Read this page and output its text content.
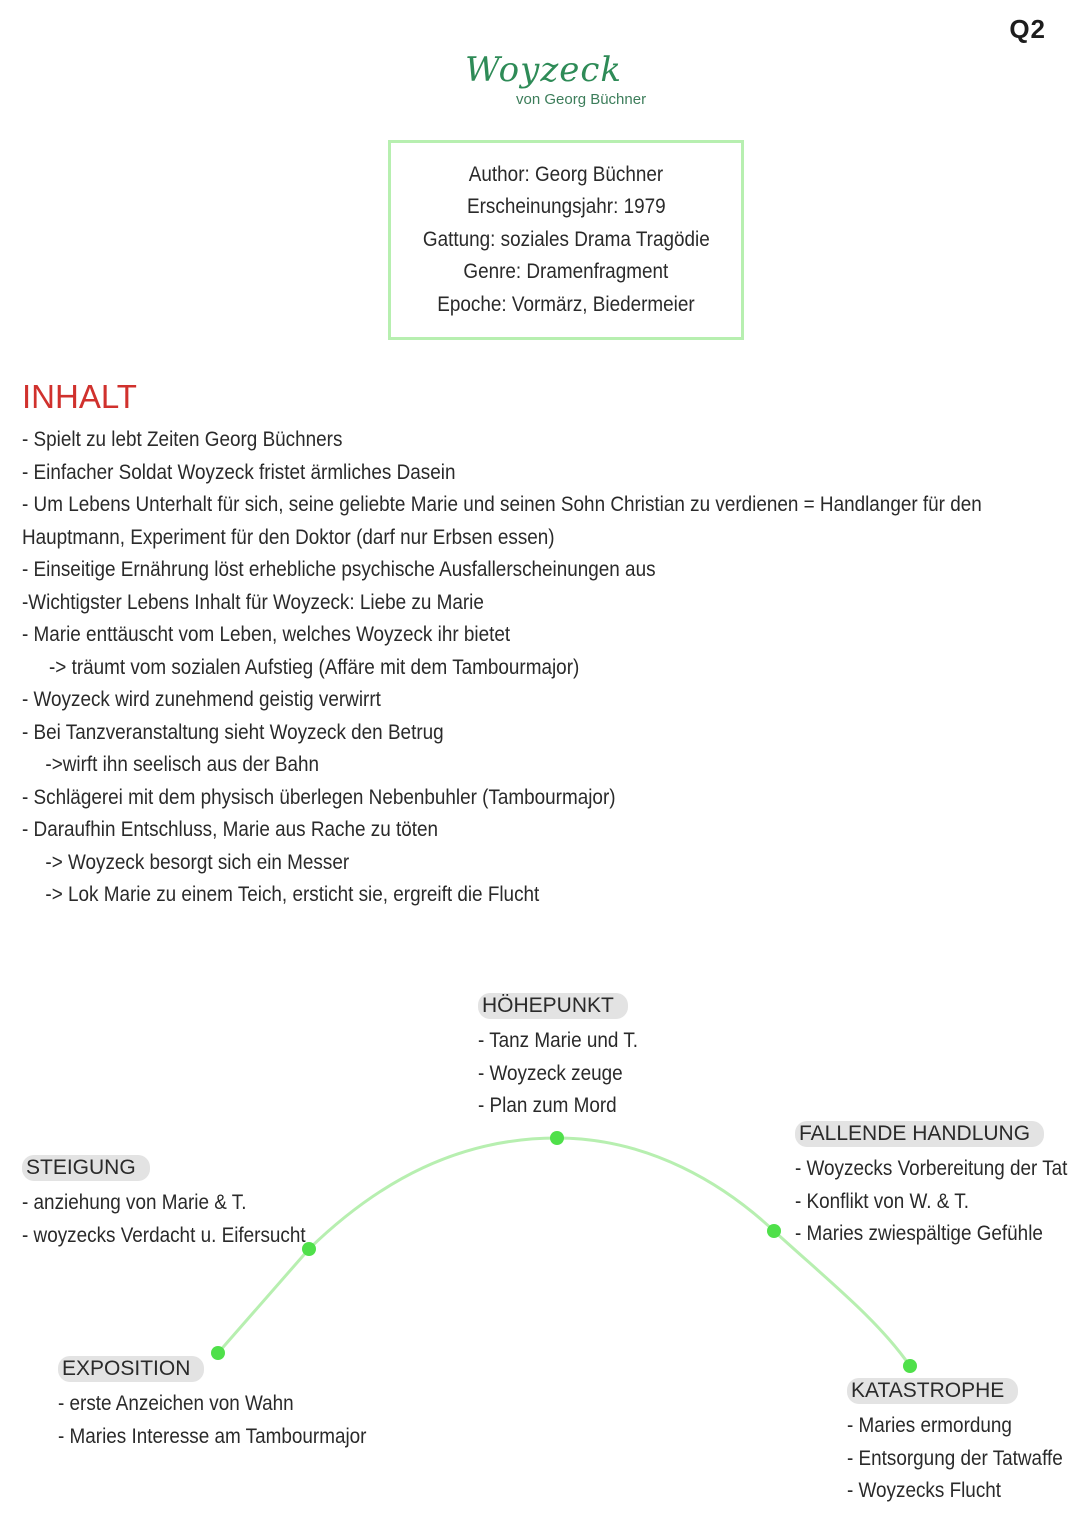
Q2
Woyzeck
von Georg Büchner
Author: Georg Büchner
Erscheinungsjahr: 1979
Gattung: soziales Drama Tragödie
Genre: Dramenfragment
Epoche: Vormärz, Biedermeier
INHALT
- Spielt zu lebt Zeiten Georg Büchners
- Einfacher Soldat Woyzeck fristet ärmliches Dasein
- Um Lebens Unterhalt für sich, seine geliebte Marie und seinen Sohn Christian zu verdienen = Handlanger für den
Hauptmann, Experiment für den Doktor (darf nur Erbsen essen)
- Einseitige Ernährung löst erhebliche psychische Ausfallerscheinungen aus
-Wichtigster Lebens Inhalt für Woyzeck: Liebe zu Marie
- Marie enttäuscht vom Leben, welches Woyzeck ihr bietet
-> träumt vom sozialen Aufstieg (Affäre mit dem Tambourmajor)
- Woyzeck wird zunehmend geistig verwirrt
- Bei Tanzveranstaltung sieht Woyzeck den Betrug
->wirft ihn seelisch aus der Bahn
- Schlägerei mit dem physisch überlegen Nebenbuhler (Tambourmajor)
- Daraufhin Entschluss, Marie aus Rache zu töten
-> Woyzeck besorgt sich ein Messer
-> Lok Marie zu einem Teich, ersticht sie, ergreift die Flucht
HÖHEPUNKT
- Tanz Marie und T.
- Woyzeck zeuge
- Plan zum Mord
STEIGUNG
- anziehung von Marie & T.
- woyzecks Verdacht u. Eifersucht
FALLENDE HANDLUNG
- Woyzecks Vorbereitung der Tat
- Konflikt von W. & T.
- Maries zwiespältige Gefühle
EXPOSITION
- erste Anzeichen von Wahn
- Maries Interesse am Tambourmajor
KATASTROPHE
- Maries ermordung
- Entsorgung der Tatwaffe
- Woyzecks Flucht
